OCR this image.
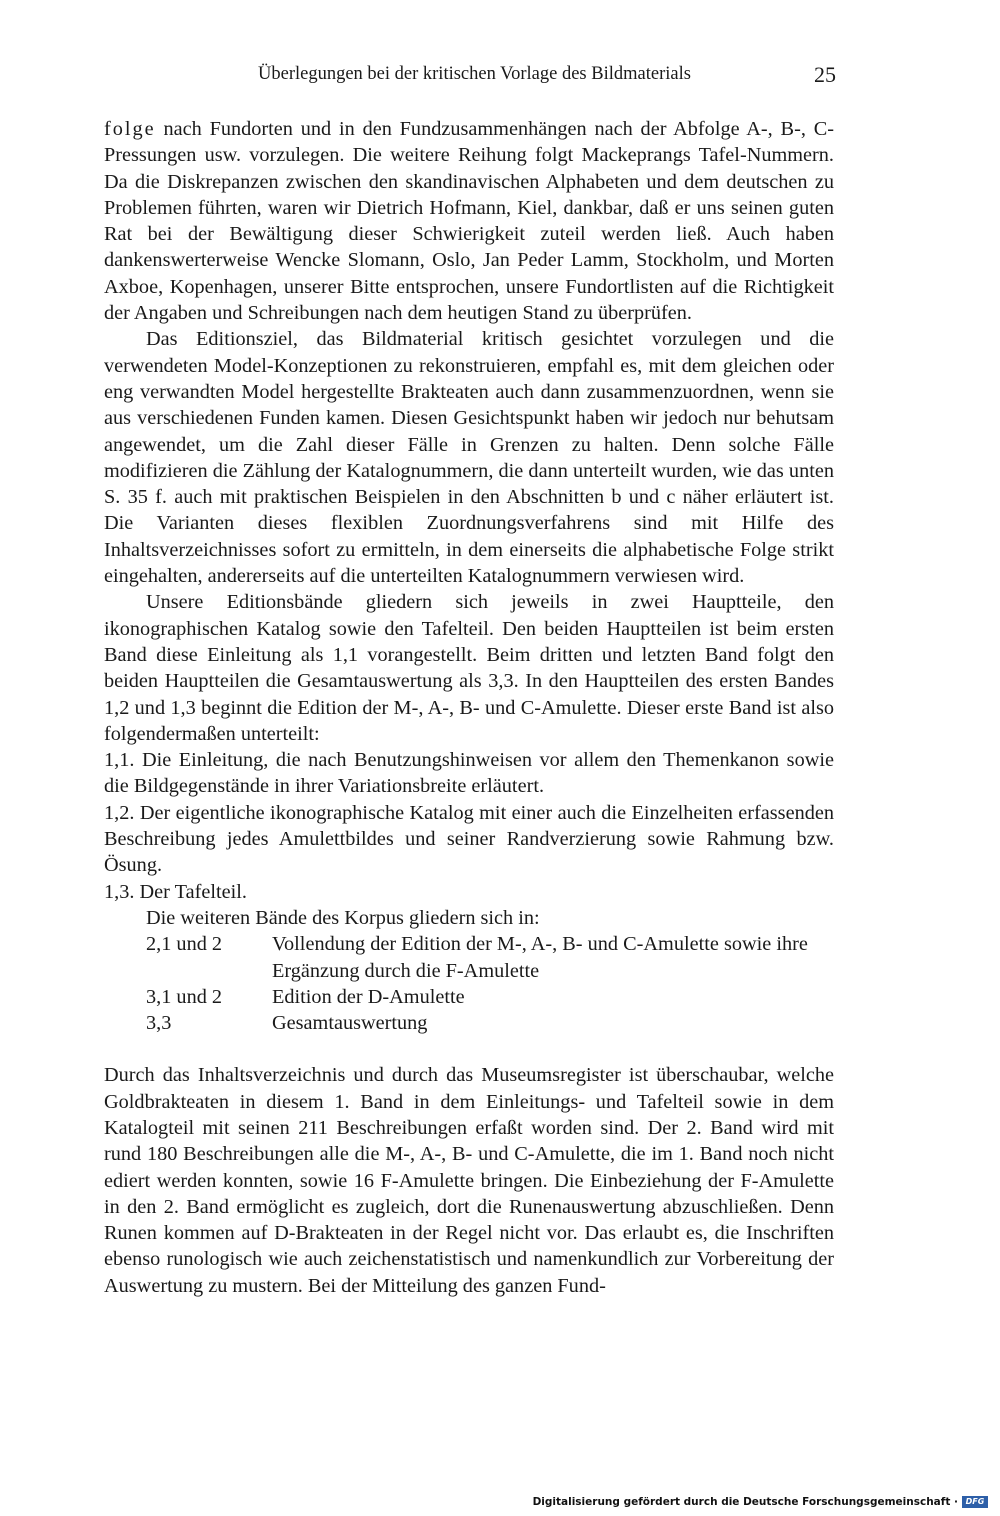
Überlegungen bei der kritischen Vorlage des Bildmaterials	25

folge nach Fundorten und in den Fundzusammenhängen nach der Abfolge A-, B-, C-Pressungen usw. vorzulegen. Die weitere Reihung folgt Mackeprangs Tafel-Nummern. Da die Diskrepanzen zwischen den skandinavischen Alphabeten und dem deutschen zu Problemen führten, waren wir Dietrich Hofmann, Kiel, dankbar, daß er uns seinen guten Rat bei der Bewältigung dieser Schwierigkeit zuteil werden ließ. Auch haben dankenswerterweise Wencke Slomann, Oslo, Jan Peder Lamm, Stockholm, und Morten Axboe, Kopenhagen, unserer Bitte entsprochen, unsere Fundortlisten auf die Richtigkeit der Angaben und Schreibungen nach dem heutigen Stand zu überprüfen.

Das Editionsziel, das Bildmaterial kritisch gesichtet vorzulegen und die verwendeten Model-Konzeptionen zu rekonstruieren, empfahl es, mit dem gleichen oder eng verwandten Model hergestellte Brakteaten auch dann zusammenzuordnen, wenn sie aus verschiedenen Funden kamen. Diesen Gesichtspunkt haben wir jedoch nur behutsam angewendet, um die Zahl dieser Fälle in Grenzen zu halten. Denn solche Fälle modifizieren die Zählung der Katalognummern, die dann unterteilt wurden, wie das unten S. 35 f. auch mit praktischen Beispielen in den Abschnitten b und c näher erläutert ist. Die Varianten dieses flexiblen Zuordnungsverfahrens sind mit Hilfe des Inhaltsverzeichnisses sofort zu ermitteln, in dem einerseits die alphabetische Folge strikt eingehalten, andererseits auf die unterteilten Katalognummern verwiesen wird.

Unsere Editionsbände gliedern sich jeweils in zwei Hauptteile, den ikonographischen Katalog sowie den Tafelteil. Den beiden Hauptteilen ist beim ersten Band diese Einleitung als 1,1 vorangestellt. Beim dritten und letzten Band folgt den beiden Hauptteilen die Gesamtauswertung als 3,3. In den Hauptteilen des ersten Bandes 1,2 und 1,3 beginnt die Edition der M-, A-, B- und C-Amulette. Dieser erste Band ist also folgendermaßen unterteilt:

1,1. Die Einleitung, die nach Benutzungshinweisen vor allem den Themenkanon sowie die Bildgegenstände in ihrer Variationsbreite erläutert.

1,2. Der eigentliche ikonographische Katalog mit einer auch die Einzelheiten erfassenden Beschreibung jedes Amulettbildes und seiner Randverzierung sowie Rahmung bzw. Ösung.

1,3. Der Tafelteil.

Die weiteren Bände des Korpus gliedern sich in:

2,1 und 2	Vollendung der Edition der M-, A-, B- und C-Amulette sowie ihre Ergänzung durch die F-Amulette
3,1 und 2	Edition der D-Amulette
3,3	Gesamtauswertung

Durch das Inhaltsverzeichnis und durch das Museumsregister ist überschaubar, welche Goldbrakteaten in diesem 1. Band in dem Einleitungs- und Tafelteil sowie in dem Katalogteil mit seinen 211 Beschreibungen erfaßt worden sind. Der 2. Band wird mit rund 180 Beschreibungen alle die M-, A-, B- und C-Amulette, die im 1. Band noch nicht ediert werden konnten, sowie 16 F-Amulette bringen. Die Einbeziehung der F-Amulette in den 2. Band ermöglicht es zugleich, dort die Runenauswertung abzuschließen. Denn Runen kommen auf D-Brakteaten in der Regel nicht vor. Das erlaubt es, die Inschriften ebenso runologisch wie auch zeichenstatistisch und namenkundlich zur Vorbereitung der Auswertung zu mustern. Bei der Mitteilung des ganzen Fund-

Digitalisierung gefördert durch die Deutsche Forschungsgemeinschaft · DFG
